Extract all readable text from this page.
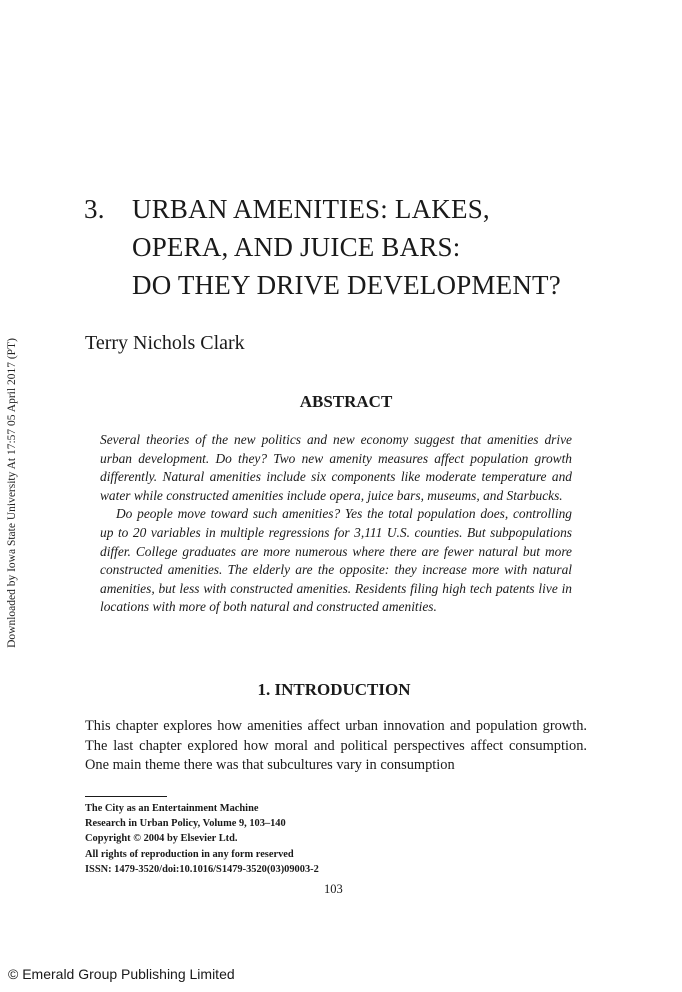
Downloaded by Iowa State University At 17:57 05 April 2017 (PT)
3. URBAN AMENITIES: LAKES,
OPERA, AND JUICE BARS:
DO THEY DRIVE DEVELOPMENT?
Terry Nichols Clark
ABSTRACT

Several theories of the new politics and new economy suggest that amenities drive urban development. Do they? Two new amenity measures affect population growth differently. Natural amenities include six components like moderate temperature and water while constructed amenities include opera, juice bars, museums, and Starbucks.

Do people move toward such amenities? Yes the total population does, controlling up to 20 variables in multiple regressions for 3,111 U.S. counties. But subpopulations differ. College graduates are more numerous where there are fewer natural but more constructed amenities. The elderly are the opposite: they increase more with natural amenities, but less with constructed amenities. Residents filing high tech patents live in locations with more of both natural and constructed amenities.

1. INTRODUCTION

This chapter explores how amenities affect urban innovation and population growth. The last chapter explored how moral and political perspectives affect consumption. One main theme there was that subcultures vary in consumption

The City as an Entertainment Machine
Research in Urban Policy, Volume 9, 103–140
Copyright © 2004 by Elsevier Ltd.
All rights of reproduction in any form reserved
ISSN: 1479-3520/doi:10.1016/S1479-3520(03)09003-2
103
© Emerald Group Publishing Limited
